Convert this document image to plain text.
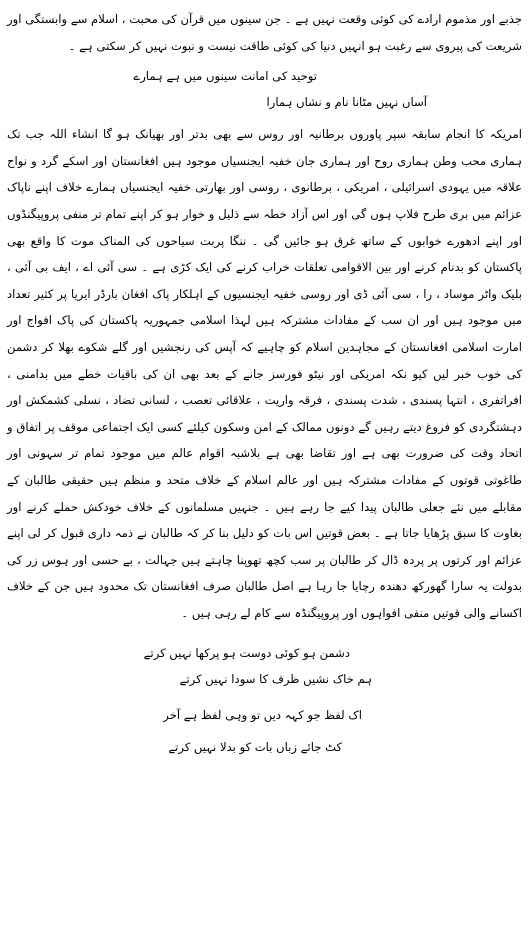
جذبے اور مذموم ارادے کی کوئی وقعت نہیں ہے ۔ جن سینوں میں قرآن کی محبت ، اسلام سے وابستگی اور شریعت کی پیروی سے رغبت ہو انہیں دنیا کی کوئی طاقت نیست و نبوت نہیں کر سکتی ہے ۔

توحید کی امانت سینوں میں ہے ہمارے

آساں نہیں مٹانا نام و نشاں ہمارا

امریکہ کا انجام سابقہ سپر پاوروں برطانیہ اور روس سے بھی بدتر اور بھیانک ہو گا انشاء اللہ جب تک ہماری محب وطن ہماری روح اور ہماری جان خفیہ ایجنسیاں موجود ہیں افغانستان اور اسکے گرد و نواح علاقہ میں یہودی اسرائیلی ، امریکی ، برطانوی ، روسی اور بھارتی خفیہ ایجنسیاں ہمارے خلاف اپنے ناپاک عزائم میں بری طرح فلاپ ہوں گی اور اس آزاد خطہ سے ذلیل و خوار ہو کر اپنے تمام تر منفی پروپیگنڈوں اور اپنے ادھورے خوابوں کے ساتھ غرق ہو جائیں گی ۔ ننگا پربت سیاحوں کی المناک موت کا واقع بھی پاکستان کو بدنام کرنے اور بین الاقوامی تعلقات خراب کرنے کی ایک کڑی ہے ۔ سی آئی اے ، ایف بی آئی ، بلیک واٹر موساد ، را ، سی آئی ڈی اور روسی خفیہ ایجنسیوں کے اہلکار پاک افغان بارڈر ایریا پر کثیر تعداد میں موجود ہیں اور ان سب کے مفادات مشترکہ ہیں لہذا اسلامی جمہوریہ پاکستان کی پاک افواج اور امارت اسلامی افغانستان کے مجاہدین اسلام کو چاہیے کہ آپس کی رنجشیں اور گلے شکوے بھلا کر دشمن کی خوب خبر لیں کیو نکہ امریکی اور نیٹو فورسز جانے کے بعد بھی ان کی باقیات خطے میں بدامنی ، افراتفری ، انتہا پسندی ، شدت پسندی ، فرقہ واریت ، علاقائی تعصب ، لسانی تضاد ، نسلی کشمکش اور دہشتگردی کو فروغ دیتے رہیں گے دونوں ممالک کے امن وسکون کیلئے کسی ایک اجتماعی موقف پر اتفاق و اتحاد وقت کی ضرورت بھی ہے اور تقاضا بھی ہے بلاشبہ اقوام عالم میں موجود تمام تر سہونی اور طاغوتی قوتوں کے مفادات مشترکہ ہیں اور عالم اسلام کے خلاف متحد و منظم ہیں حقیقی طالبان کے مقابلے میں نئے جعلی طالبان پیدا کیے جا رہے ہیں ۔ جنہیں مسلمانوں کے خلاف خودکش حملے کرنے اور بغاوت کا سبق پڑھایا جاتا ہے ۔ بعض قوتیں اس بات کو دلیل بنا کر کہ طالبان نے ذمہ داری قبول کر لی اپنے عزائم اور کرتوں پر پردہ ڈال کر طالبان پر سب کچھ تھوپنا چاہتے ہیں جہالت ، بے حسی اور ہوس زر کی بدولت یہ سارا گھورکھ دھندہ رچایا جا رہا ہے اصل طالبان صرف افغانستان تک محدود ہیں جن کے خلاف اکسانے والی قوتیں منفی افواہوں اور پروپیگنڈہ سے کام لے رہی ہیں ۔

دشمن ہو کوئی دوست ہو پرکھا نہیں کرتے

ہم خاک نشیں ظرف کا سودا نہیں کرتے

اک لفظ جو کہہ دیں تو وہی لفظ ہے آخر

کٹ جائے زباں بات کو بدلا نہیں کرتے
